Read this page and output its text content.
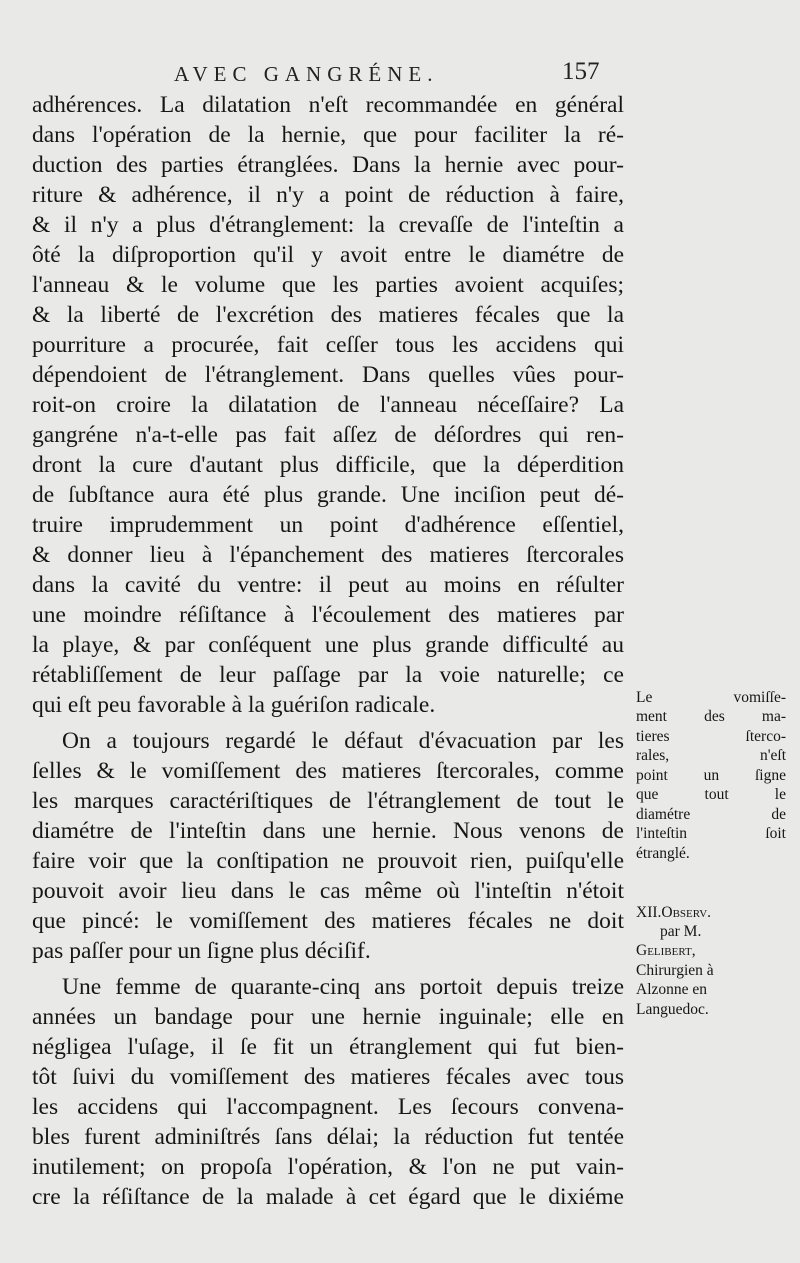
AVEC GANGRÉNE.	157
adhérences. La dilatation n'eſt recommandée en général
dans l'opération de la hernie, que pour faciliter la ré-
duction des parties étranglées. Dans la hernie avec pour-
riture & adhérence, il n'y a point de réduction à faire,
& il n'y a plus d'étranglement: la crevaſſe de l'inteſtin a
ôté la diſproportion qu'il y avoit entre le diamétre de
l'anneau & le volume que les parties avoient acquiſes;
& la liberté de l'excrétion des matieres fécales que la
pourriture a procurée, fait ceſſer tous les accidens qui
dépendoient de l'étranglement. Dans quelles vûes pour-
roit-on croire la dilatation de l'anneau néceſſaire? La
gangréne n'a-t-elle pas fait aſſez de déſordres qui ren-
dront la cure d'autant plus difficile, que la déperdition
de ſubſtance aura été plus grande. Une inciſion peut dé-
truire imprudemment un point d'adhérence eſſentiel,
& donner lieu à l'épanchement des matieres ſtercorales
dans la cavité du ventre: il peut au moins en réſulter
une moindre réſiſtance à l'écoulement des matieres par
la playe, & par conſéquent une plus grande difficulté au
rétabliſſement de leur paſſage par la voie naturelle; ce
qui eſt peu favorable à la guériſon radicale.
On a toujours regardé le défaut d'évacuation par les
ſelles & le vomiſſement des matieres ſtercorales, comme
les marques caractériſtiques de l'étranglement de tout le
diamétre de l'inteſtin dans une hernie. Nous venons de
faire voir que la conſtipation ne prouvoit rien, puiſqu'elle
pouvoit avoir lieu dans le cas même où l'inteſtin n'étoit
que pincé: le vomiſſement des matieres fécales ne doit
pas paſſer pour un ſigne plus déciſif.
Une femme de quarante-cinq ans portoit depuis treize
années un bandage pour une hernie inguinale; elle en
négligea l'uſage, il ſe fit un étranglement qui fut bien-
tôt ſuivi du vomiſſement des matieres fécales avec tous
les accidens qui l'accompagnent. Les ſecours convena-
bles furent adminiſtrés ſans délai; la réduction fut tentée
inutilement; on propoſa l'opération, & l'on ne put vain-
cre la réſiſtance de la malade à cet égard que le dixiéme
Le vomiſſe-
ment des ma-
tieres ſterco-
rales, n'eſt
point un ſigne
que tout le
diamétre de
l'inteſtin ſoit
étranglé.
XII.Observ.
par M.
Gelibert,
Chirurgien à
Alzonne en
Languedoc.
